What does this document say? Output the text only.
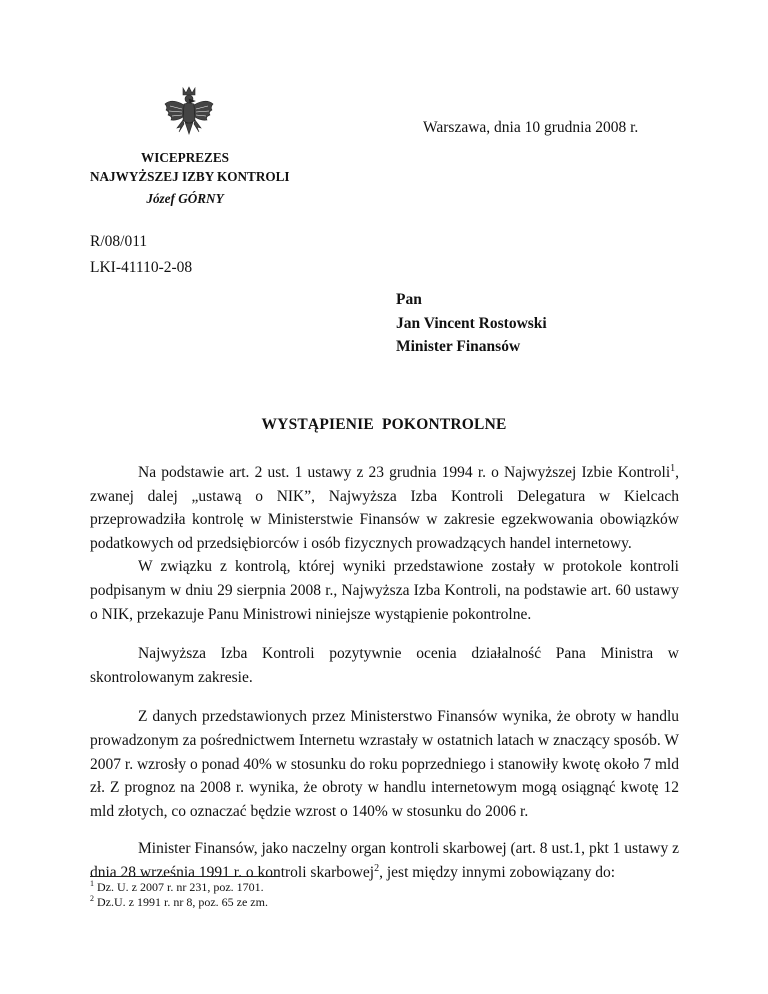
Warszawa, dnia 10 grudnia 2008 r.
WICEPREZES
NAJWYŻSZEJ IZBY KONTROLI
Józef GÓRNY
R/08/011
LKI-41110-2-08
Pan
Jan Vincent Rostowski
Minister Finansów
WYSTĄPIENIE POKONTROLNE

Na podstawie art. 2 ust. 1 ustawy z 23 grudnia 1994 r. o Najwyższej Izbie Kontroli$^1$, zwanej dalej „ustawą o NIK”, Najwyższa Izba Kontroli Delegatura w Kielcach przeprowadziła kontrolę w Ministerstwie Finansów w zakresie egzekwowania obowiązków podatkowych od przedsiębiorców i osób fizycznych prowadzących handel internetowy.

W związku z kontrolą, której wyniki przedstawione zostały w protokole kontroli podpisanym w dniu 29 sierpnia 2008 r., Najwyższa Izba Kontroli, na podstawie art. 60 ustawy o NIK, przekazuje Panu Ministrowi niniejsze wystąpienie pokontrolne.

Najwyższa Izba Kontroli pozytywnie ocenia działalność Pana Ministra w skontrolowanym zakresie.

Z danych przedstawionych przez Ministerstwo Finansów wynika, że obroty w handlu prowadzonym za pośrednictwem Internetu wzrastały w ostatnich latach w znaczący sposób. W 2007 r. wzrosły o ponad 40% w stosunku do roku poprzedniego i stanowiły kwotę około 7 mld zł. Z prognoz na 2008 r. wynika, że obroty w handlu internetowym mogą osiągnąć kwotę 12 mld złotych, co oznaczać będzie wzrost o 140% w stosunku do 2006 r.

Minister Finansów, jako naczelny organ kontroli skarbowej (art. 8 ust.1, pkt 1 ustawy z dnia 28 września 1991 r. o kontroli skarbowej$^2$, jest między innymi zobowiązany do:

$^1$ Dz. U. z 2007 r. nr 231, poz. 1701.
$^2$ Dz.U. z 1991 r. nr 8, poz. 65 ze zm.
